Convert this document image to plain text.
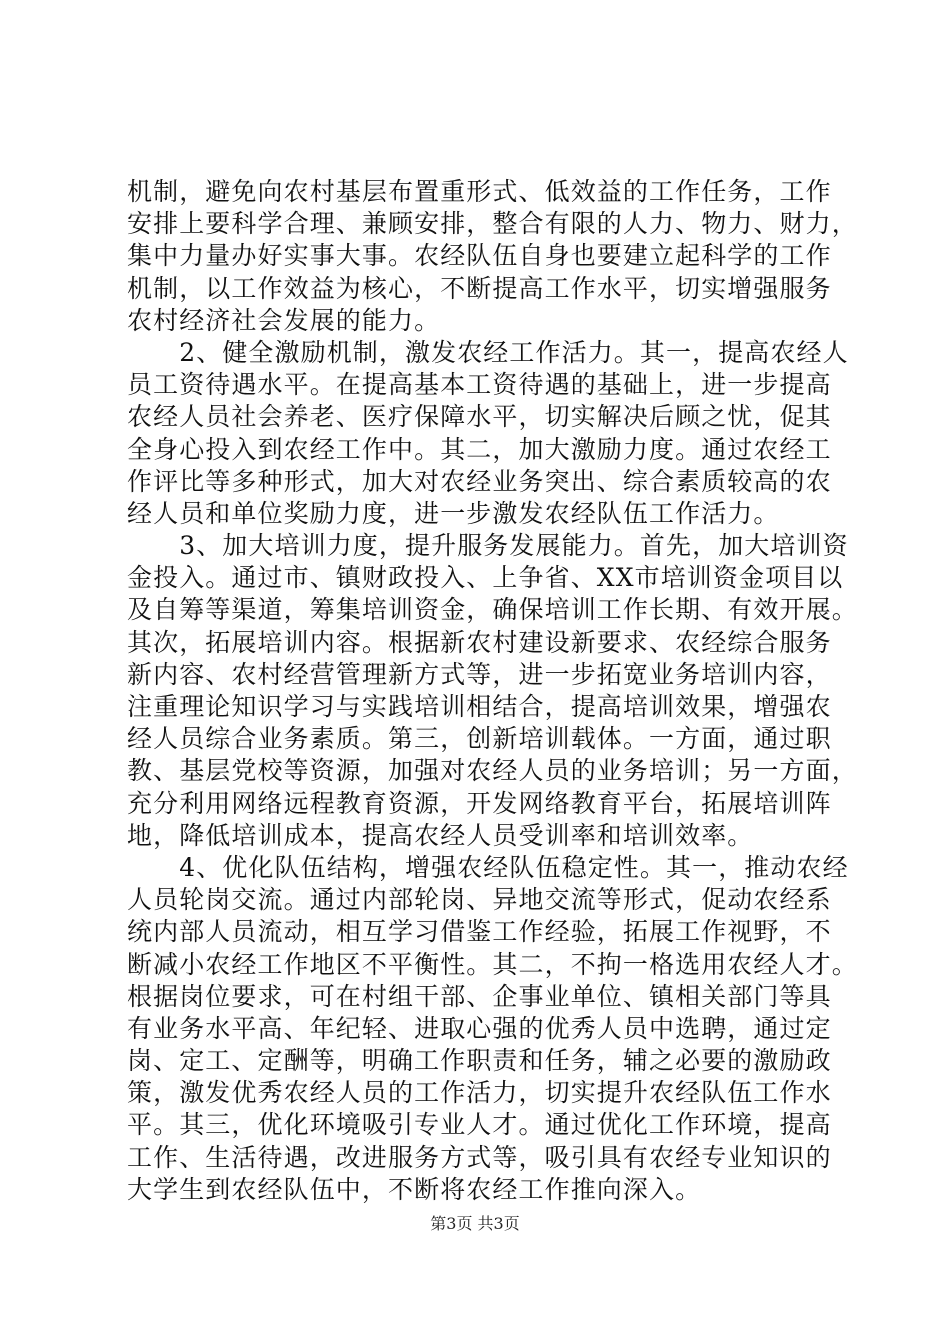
机制，避免向农村基层布置重形式、低效益的工作任务，工作
安排上要科学合理、兼顾安排，整合有限的人力、物力、财力，
集中力量办好实事大事。农经队伍自身也要建立起科学的工作
机制，以工作效益为核心，不断提高工作水平，切实增强服务
农村经济社会发展的能力。
　　2、健全激励机制，激发农经工作活力。其一，提高农经人
员工资待遇水平。在提高基本工资待遇的基础上，进一步提高
农经人员社会养老、医疗保障水平，切实解决后顾之忧，促其
全身心投入到农经工作中。其二，加大激励力度。通过农经工
作评比等多种形式，加大对农经业务突出、综合素质较高的农
经人员和单位奖励力度，进一步激发农经队伍工作活力。
　　3、加大培训力度，提升服务发展能力。首先，加大培训资
金投入。通过市、镇财政投入、上争省、XX市培训资金项目以
及自筹等渠道，筹集培训资金，确保培训工作长期、有效开展。
其次，拓展培训内容。根据新农村建设新要求、农经综合服务
新内容、农村经营管理新方式等，进一步拓宽业务培训内容，
注重理论知识学习与实践培训相结合，提高培训效果，增强农
经人员综合业务素质。第三，创新培训载体。一方面，通过职
教、基层党校等资源，加强对农经人员的业务培训；另一方面，
充分利用网络远程教育资源，开发网络教育平台，拓展培训阵
地，降低培训成本，提高农经人员受训率和培训效率。
　　4、优化队伍结构，增强农经队伍稳定性。其一，推动农经
人员轮岗交流。通过内部轮岗、异地交流等形式，促动农经系
统内部人员流动，相互学习借鉴工作经验，拓展工作视野，不
断减小农经工作地区不平衡性。其二，不拘一格选用农经人才。
根据岗位要求，可在村组干部、企事业单位、镇相关部门等具
有业务水平高、年纪轻、进取心强的优秀人员中选聘，通过定
岗、定工、定酬等，明确工作职责和任务，辅之必要的激励政
策，激发优秀农经人员的工作活力，切实提升农经队伍工作水
平。其三，优化环境吸引专业人才。通过优化工作环境，提高
工作、生活待遇，改进服务方式等，吸引具有农经专业知识的
大学生到农经队伍中，不断将农经工作推向深入。
第3页 共3页
